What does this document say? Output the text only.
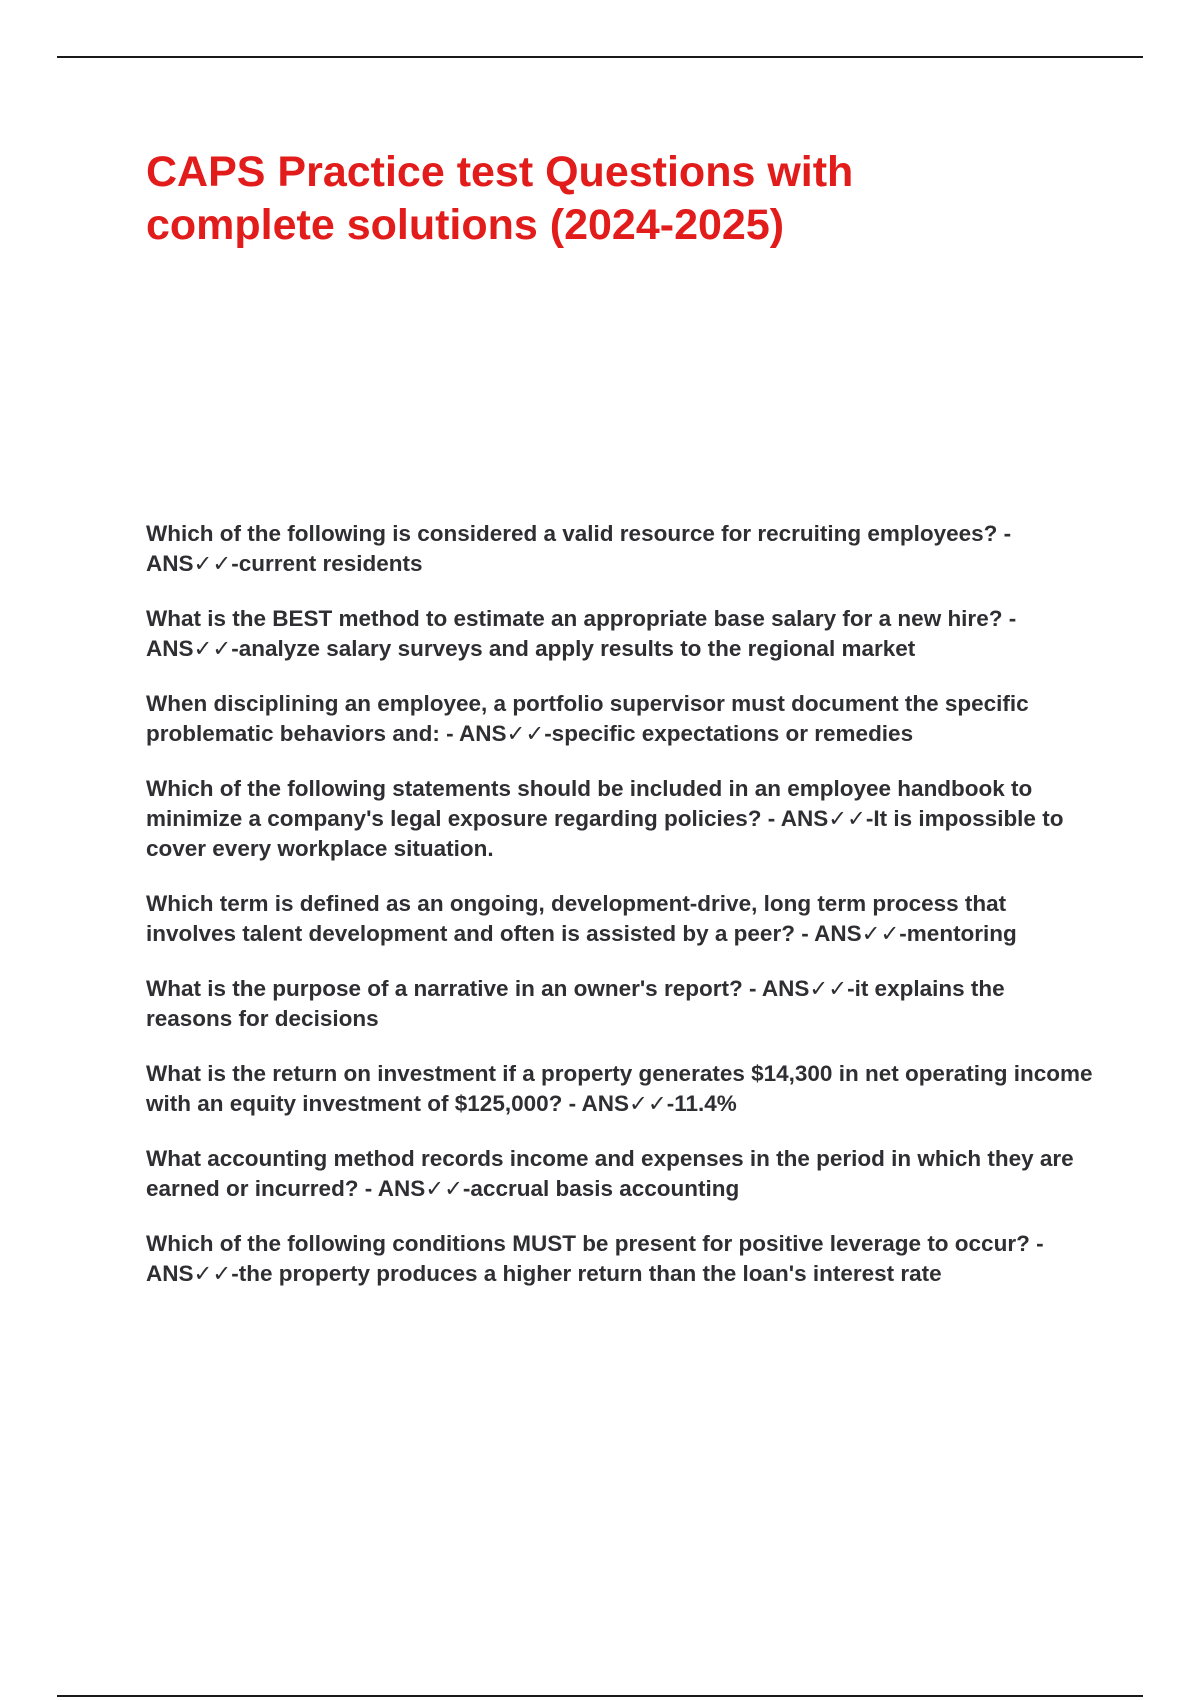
CAPS Practice test Questions with complete solutions (2024-2025)
Which of the following is considered a valid resource for recruiting employees? - ANS✓✓-current residents
What is the BEST method to estimate an appropriate base salary for a new hire? - ANS✓✓-analyze salary surveys and apply results to the regional market
When disciplining an employee, a portfolio supervisor must document the specific problematic behaviors and: - ANS✓✓-specific expectations or remedies
Which of the following statements should be included in an employee handbook to minimize a company's legal exposure regarding policies? - ANS✓✓-It is impossible to cover every workplace situation.
Which term is defined as an ongoing, development-drive, long term process that involves talent development and often is assisted by a peer? - ANS✓✓-mentoring
What is the purpose of a narrative in an owner's report? - ANS✓✓-it explains the reasons for decisions
What is the return on investment if a property generates $14,300 in net operating income with an equity investment of $125,000? - ANS✓✓-11.4%
What accounting method records income and expenses in the period in which they are earned or incurred? - ANS✓✓-accrual basis accounting
Which of the following conditions MUST be present for positive leverage to occur? - ANS✓✓-the property produces a higher return than the loan's interest rate
